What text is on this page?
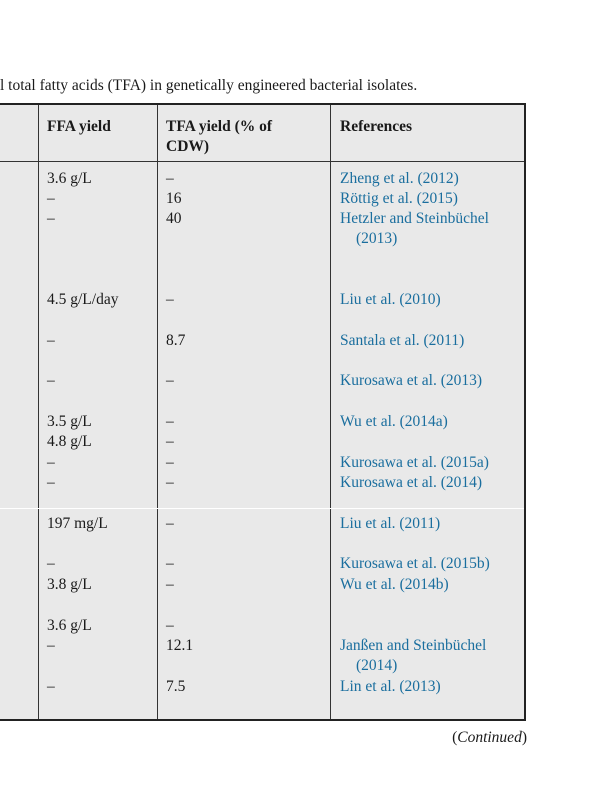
l total fatty acids (TFA) in genetically engineered bacterial isolates.
FFA yield	TFA yield (% of
CDW)
References
3.6 g/L	–	Zheng et al. (2012)
–	16	Röttig et al. (2015)
–	40	Hetzler and Steinbüchel
(2013)
4.5 g/L/day	–	Liu et al. (2010)
–	8.7	Santala et al. (2011)
–	–	Kurosawa et al. (2013)
3.5 g/L	–	Wu et al. (2014a)
4.8 g/L	–
–	–	Kurosawa et al. (2015a)
–	–	Kurosawa et al. (2014)
197 mg/L	–	Liu et al. (2011)
–	–	Kurosawa et al. (2015b)
3.8 g/L	–	Wu et al. (2014b)
3.6 g/L	–
–	12.1	Janßen and Steinbüchel
(2014)
–	7.5	Lin et al. (2013)
(Continued)
